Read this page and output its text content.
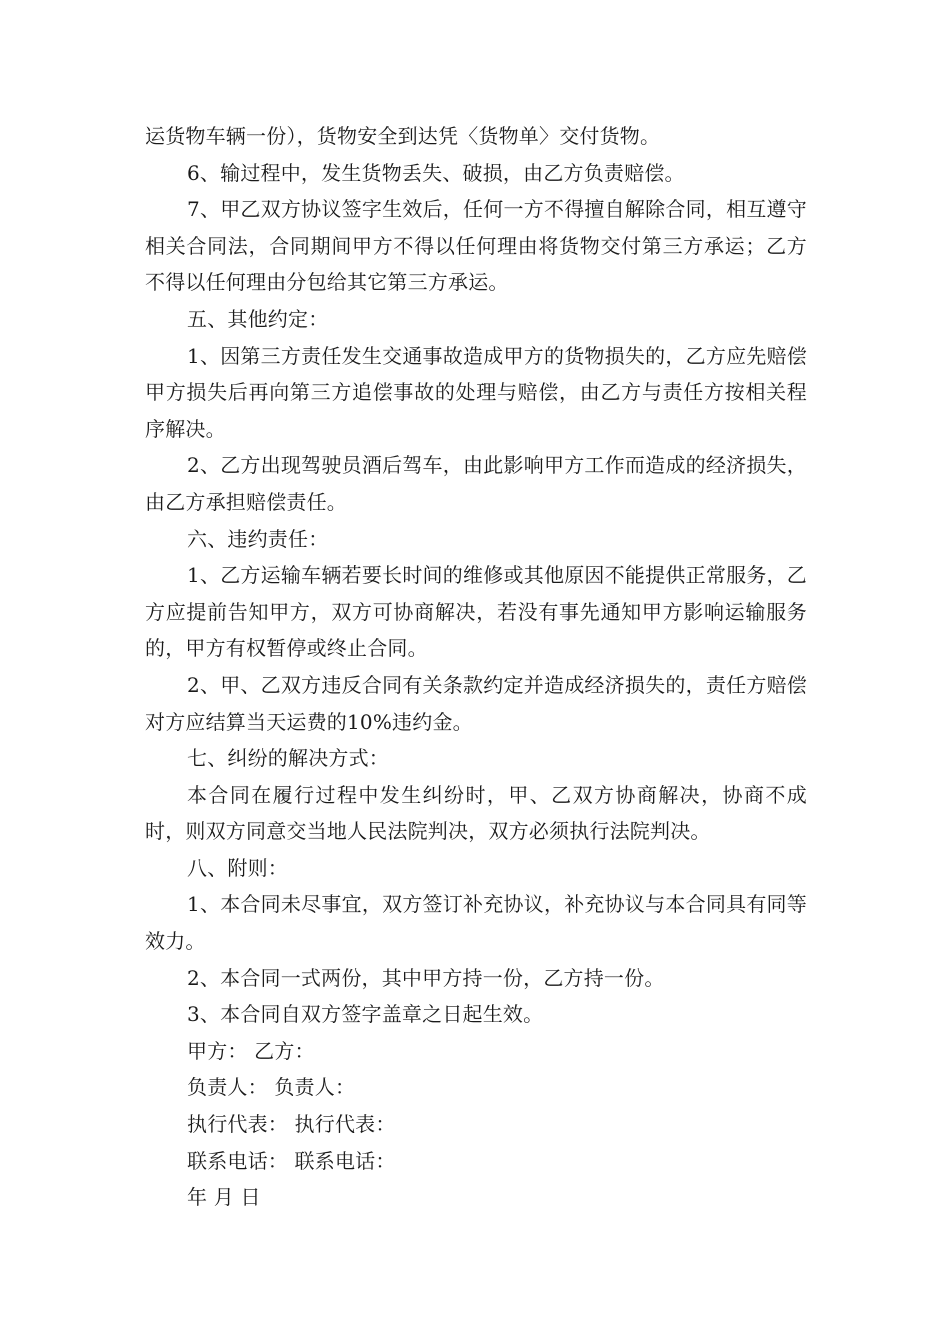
运货物车辆一份），货物安全到达凭〈货物单〉交付货物。

6、输过程中，发生货物丢失、破损，由乙方负责赔偿。

7、甲乙双方协议签字生效后，任何一方不得擅自解除合同，相互遵守相关合同法，合同期间甲方不得以任何理由将货物交付第三方承运；乙方不得以任何理由分包给其它第三方承运。

五、其他约定：

1、因第三方责任发生交通事故造成甲方的货物损失的，乙方应先赔偿甲方损失后再向第三方追偿事故的处理与赔偿，由乙方与责任方按相关程序解决。

2、乙方出现驾驶员酒后驾车，由此影响甲方工作而造成的经济损失，由乙方承担赔偿责任。

六、违约责任：

1、乙方运输车辆若要长时间的维修或其他原因不能提供正常服务，乙方应提前告知甲方，双方可协商解决，若没有事先通知甲方影响运输服务的，甲方有权暂停或终止合同。

2、甲、乙双方违反合同有关条款约定并造成经济损失的，责任方赔偿对方应结算当天运费的10%违约金。

七、纠纷的解决方式：

本合同在履行过程中发生纠纷时，甲、乙双方协商解决，协商不成时，则双方同意交当地人民法院判决，双方必须执行法院判决。

八、附则：

1、本合同未尽事宜，双方签订补充协议，补充协议与本合同具有同等效力。

2、本合同一式两份，其中甲方持一份，乙方持一份。

3、本合同自双方签字盖章之日起生效。

甲方： 乙方：

负责人： 负责人：

执行代表： 执行代表：

联系电话： 联系电话：

年 月 日
